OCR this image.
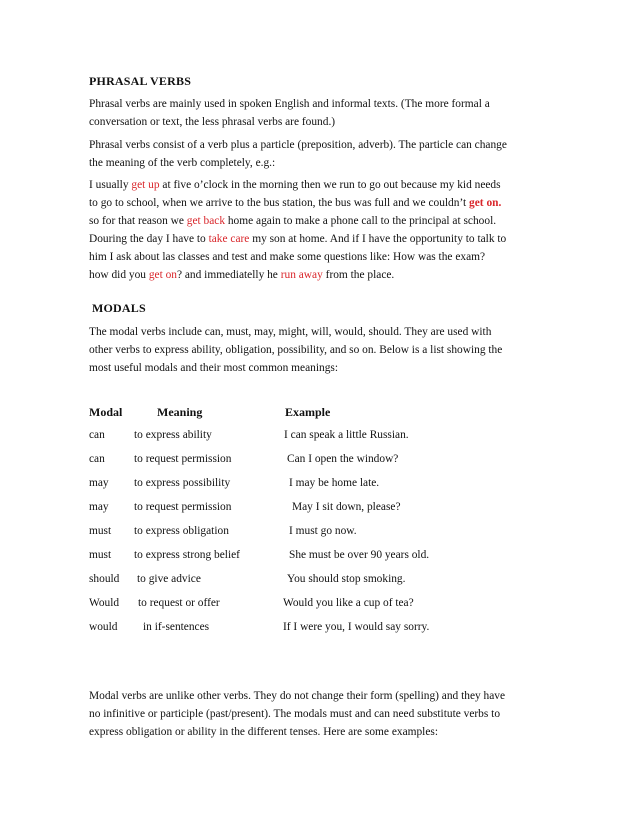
PHRASAL VERBS
Phrasal verbs are mainly used in spoken English and informal texts. (The more formal a
conversation or text, the less phrasal verbs are found.)
Phrasal verbs consist of a verb plus a particle (preposition, adverb). The particle can change
the meaning of the verb completely, e.g.:
I usually get up at five o’clock in the morning then we run to go out because my kid needs
to go to school, when we arrive to the bus station, the bus was full and we couldn’t get on.
so for that reason we get back home again to make a phone call to the principal at school.
Douring the day I have to take care my son at home. And if I have the opportunity to talk to
him I ask about las classes and test and make some questions like: How was the exam?
how did you get on? and immediatelly he run away from the place.
MODALS
The modal verbs include can, must, may, might, will, would, should. They are used with
other verbs to express ability, obligation, possibility, and so on. Below is a list showing the
most useful modals and their most common meanings:
Modal	Meaning	Example
can	to express ability	I can speak a little Russian.
can	to request permission	Can I open the window?
may to express possibility	I may be home late.
may to request permission	May I sit down, please?
must to express obligation	I must go now.
must to express strong belief	She must be over 90 years old.
should to give advice	You should stop smoking.
Would to request or offer	Would you like a cup of tea?
would in if-sentences	If I were you, I would say sorry.
Modal verbs are unlike other verbs. They do not change their form (spelling) and they have
no infinitive or participle (past/present). The modals must and can need substitute verbs to
express obligation or ability in the different tenses. Here are some examples:
